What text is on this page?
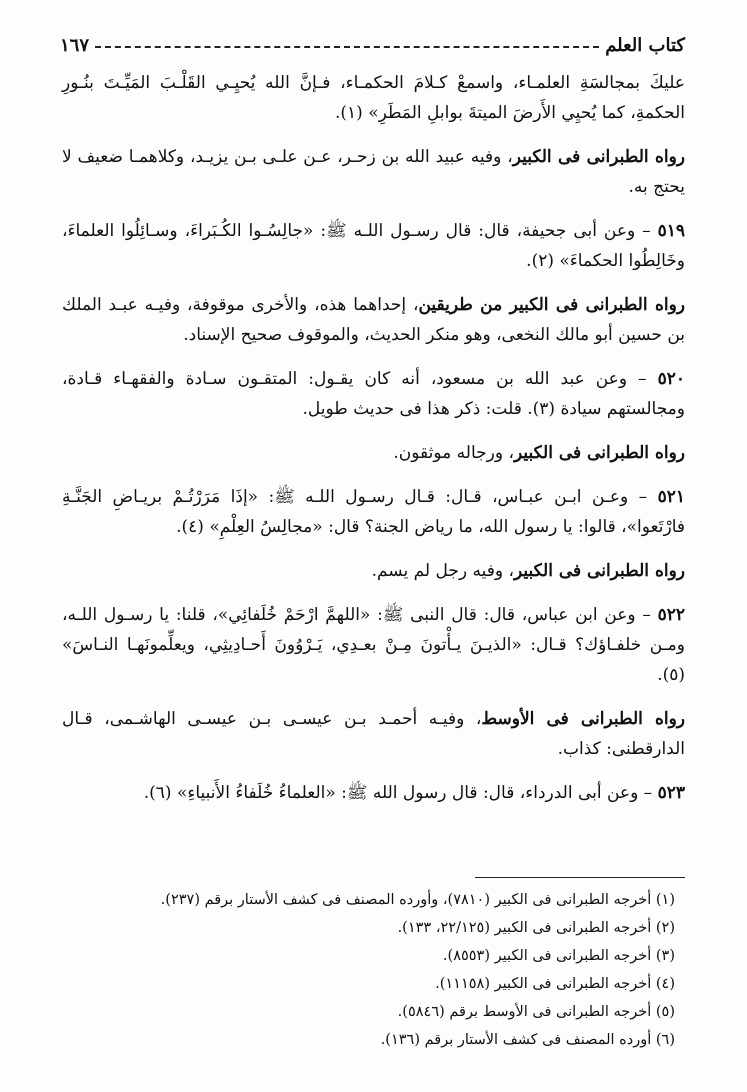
كتاب العلم
١٦٧

عليكَ بمجالسَةِ العلمـاء، واسمعْ كـلامَ الحكمـاء، فـإنَّ الله يُحيِـي القَلْـبَ المَيِّـتَ بنُـورِ الحكمةِ، كما يُحيِي الأَرضَ الميتةَ بوابلِ المَطَرِ» (١).

رواه الطبرانى فى الكبير، وفيه عبيد الله بن زحـر، عـن علـى بـن يزيـد، وكلاهمـا ضعيف لا يحتج به.

٥١٩ – وعن أبى جحيفة، قال: قال رسـول اللـه ﷺ: «جالِسُـوا الكُـبَراءَ، وسـائِلُوا العلماءَ، وخَالِطُوا الحكماءَ» (٢).

رواه الطبرانى فى الكبير من طريقين، إحداهما هذه، والأخرى موقوفة، وفيـه عبـد الملك بن حسين أبو مالك النخعى، وهو منكر الحديث، والموقوف صحيح الإسناد.

٥٢٠ – وعن عبد الله بن مسعود، أنه كان يقـول: المتقـون سـادة والفقهـاء قـادة، ومجالستهم سيادة (٣). قلت: ذكر هذا فى حديث طويل.

رواه الطبرانى فى الكبير، ورجاله موثقون.

٥٢١ – وعـن ابـن عبـاس، قـال: قـال رسـول اللـه ﷺ: «إذَا مَرَرْتُـمْ بريـاضِ الجَنَّـةِ فارْتَعوا»، قالوا: يا رسول الله، ما رياض الجنة؟ قال: «مجالِسُ العِلْمِ» (٤).

رواه الطبرانى فى الكبير، وفيه رجل لم يسم.

٥٢٢ – وعن ابن عباس، قال: قال النبى ﷺ: «اللهمَّ ارْحَمْ خُلَفائِي»، قلنا: يا رسـول اللـه، ومـن خلفـاؤك؟ قـال: «الذيـنَ يـأْتونَ مِـنْ بعـدِي، يَـرْوُونَ أَحـادِيثِي، ويعلِّمونَهـا النـاسَ» (٥).

رواه الطبرانى فى الأوسط، وفيـه أحمـد بـن عيسـى بـن عيسـى الهاشـمى، قـال الدارقطنى: كذاب.

٥٢٣ – وعن أبى الدرداء، قال: قال رسول الله ﷺ: «العلماءُ خُلَفاءُ الأَنبياءِ» (٦).

(١) أخرجه الطبرانى فى الكبير (٧٨١٠)، وأورده المصنف فى كشف الأستار برقم (٢٣٧).
(٢) أخرجه الطبرانى فى الكبير (٢٢/١٢٥، ١٣٣).
(٣) أخرجه الطبرانى فى الكبير (٨٥٥٣).
(٤) أخرجه الطبرانى فى الكبير (١١١٥٨).
(٥) أخرجه الطبرانى فى الأوسط برقم (٥٨٤٦).
(٦) أورده المصنف فى كشف الأستار برقم (١٣٦).
